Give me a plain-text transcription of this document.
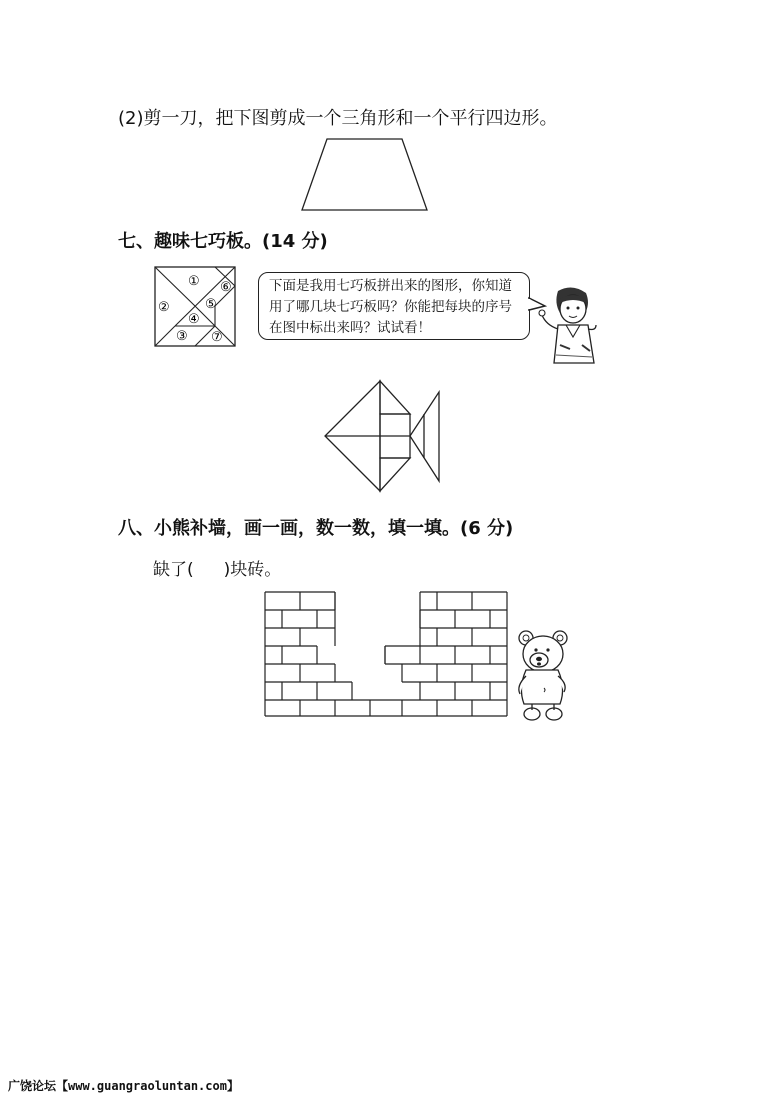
(2)剪一刀，把下图剪成一个三角形和一个平行四边形。
七、趣味七巧板。(14 分)
①
②
③
④
⑤
⑥
⑦
下面是我用七巧板拼出来的图形，你知道用了哪几块七巧板吗？你能把每块的序号在图中标出来吗？试试看！
八、小熊补墙，画一画，数一数，填一填。(6 分)
缺了( )块砖。
广饶论坛【www.guangraoluntan.com】
